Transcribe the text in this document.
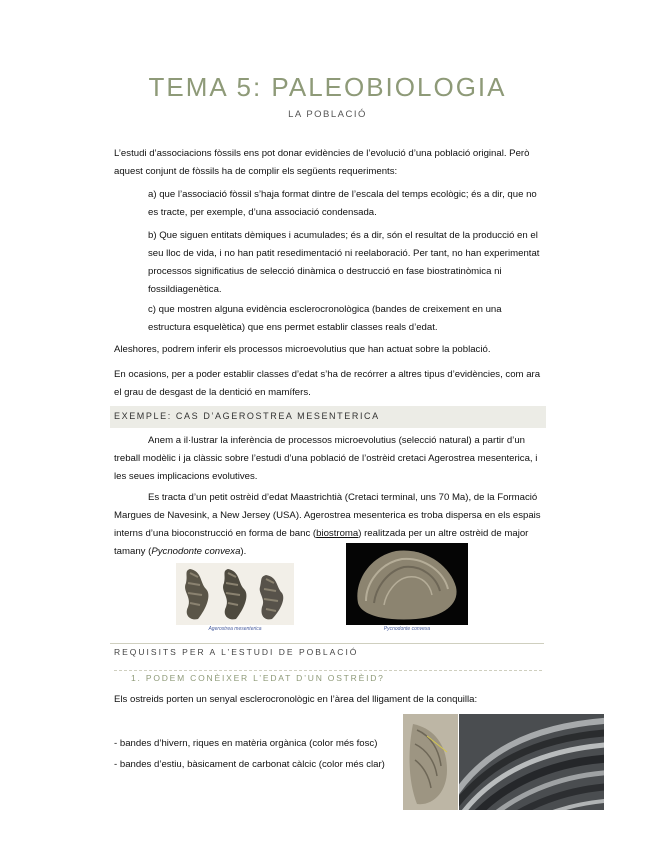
TEMA 5: PALEOBIOLOGIA
LA POBLACIÓ
L’estudi d’associacions fòssils ens pot donar evidències de l’evolució d’una població original. Però aquest conjunt de fòssils ha de complir els següents requeriments:
a) que l’associació fòssil s’haja format dintre de l’escala del temps ecològic; és a dir, que no es tracte, per exemple, d’una associació condensada.
b) Que siguen entitats dèmiques i acumulades; és a dir, són el resultat de la producció en el seu lloc de vida, i no han patit resedimentació ni reelaboració. Per tant, no han experimentat processos significatius de selecció dinàmica o destrucció en fase biostratinòmica ni fossildiagenètica.
c) que mostren alguna evidència esclerocronològica (bandes de creixement en una estructura esquelètica) que ens permet establir classes reals d’edat.
Aleshores, podrem inferir els processos microevolutius que han actuat sobre la població.
En ocasions, per a poder establir classes d’edat s’ha de recórrer a altres tipus d’evidències, com ara el grau de desgast de la dentició en mamífers.
EXEMPLE: CAS D’AGEROSTREA MESENTERICA
Anem a il·lustrar la inferència de processos microevolutius (selecció natural) a partir d’un treball modèlic i ja clàssic sobre l’estudi d’una població de l’ostrèid cretaci Agerostrea mesenterica, i les seues implicacions evolutives.
Es tracta d’un petit ostrèid d’edat Maastrichtià (Cretaci terminal, uns 70 Ma), de la Formació Margues de Navesink, a New Jersey (USA). Agerostrea mesenterica es troba dispersa en els espais interns d’una bioconstrucció en forma de banc (biostroma) realitzada per un altre ostrèid de major tamany (Pycnodonte convexa).
Agerostrea mesenterica	Pycnodonte convexa
REQUISITS PER A L’ESTUDI DE POBLACIÓ
1. PODEM CONÈIXER L’EDAT D’UN OSTRÈID?
Els ostreids porten un senyal esclerocronològic en l’àrea del lligament de la conquilla:
- bandes d’hivern, riques en matèria orgànica (color més fosc)
- bandes d’estiu, bàsicament de carbonat càlcic (color més clar)
